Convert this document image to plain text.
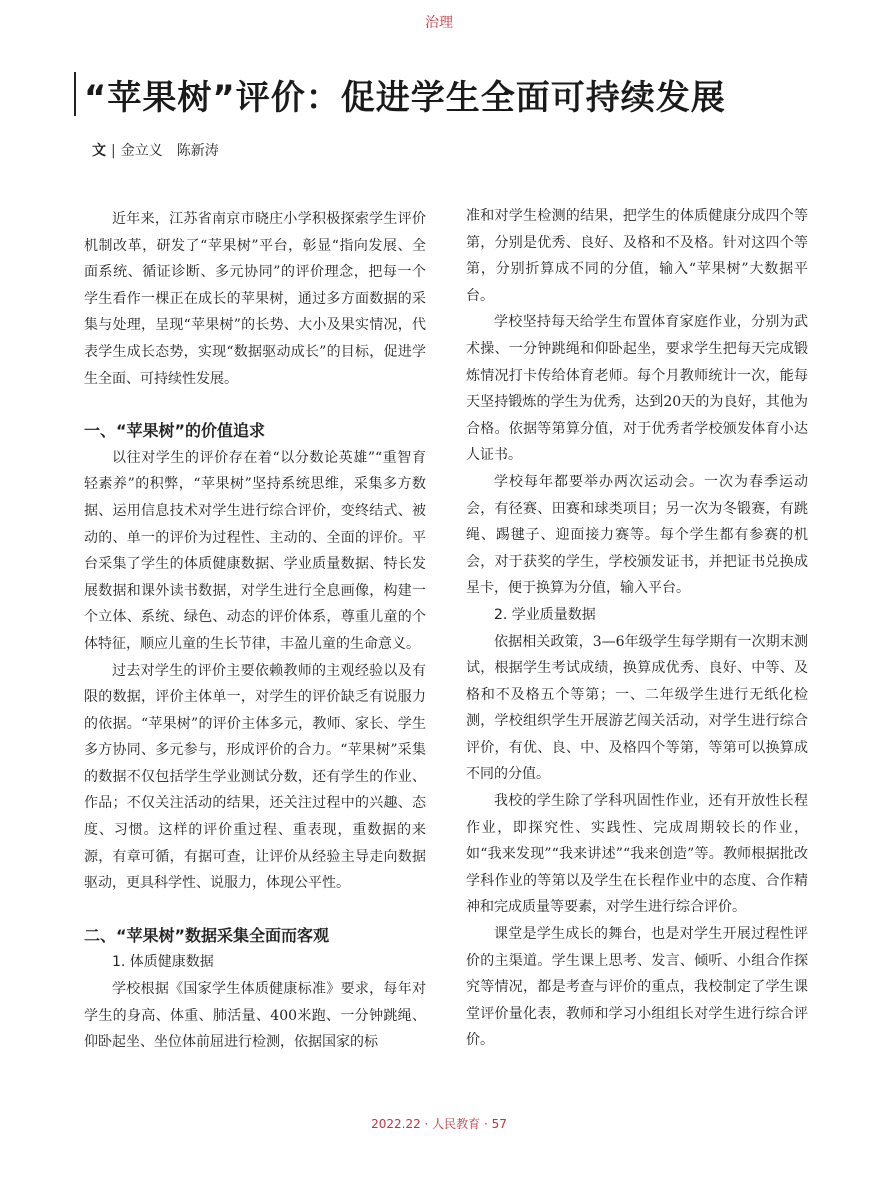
治理
“苹果树”评价：促进学生全面可持续发展
文 | 金立义　陈新涛

近年来，江苏省南京市晓庄小学积极探索学生评价机制改革，研发了“苹果树”平台，彰显“指向发展、全面系统、循证诊断、多元协同”的评价理念，把每一个学生看作一棵正在成长的苹果树，通过多方面数据的采集与处理，呈现“苹果树”的长势、大小及果实情况，代表学生成长态势，实现“数据驱动成长”的目标，促进学生全面、可持续性发展。

一、“苹果树”的价值追求

以往对学生的评价存在着“以分数论英雄”“重智育轻素养”的积弊，“苹果树”坚持系统思维，采集多方数据、运用信息技术对学生进行综合评价，变终结式、被动的、单一的评价为过程性、主动的、全面的评价。平台采集了学生的体质健康数据、学业质量数据、特长发展数据和课外读书数据，对学生进行全息画像，构建一个立体、系统、绿色、动态的评价体系，尊重儿童的个体特征，顺应儿童的生长节律，丰盈儿童的生命意义。

过去对学生的评价主要依赖教师的主观经验以及有限的数据，评价主体单一，对学生的评价缺乏有说服力的依据。“苹果树”的评价主体多元，教师、家长、学生多方协同、多元参与，形成评价的合力。“苹果树”采集的数据不仅包括学生学业测试分数，还有学生的作业、作品；不仅关注活动的结果，还关注过程中的兴趣、态度、习惯。这样的评价重过程、重表现，重数据的来源，有章可循，有据可查，让评价从经验主导走向数据驱动，更具科学性、说服力，体现公平性。

二、“苹果树”数据采集全面而客观
1. 体质健康数据

学校根据《国家学生体质健康标准》要求，每年对学生的身高、体重、肺活量、400米跑、一分钟跳绳、仰卧起坐、坐位体前屈进行检测，依据国家的标

准和对学生检测的结果，把学生的体质健康分成四个等第，分别是优秀、良好、及格和不及格。针对这四个等第，分别折算成不同的分值，输入“苹果树”大数据平台。

学校坚持每天给学生布置体育家庭作业，分别为武术操、一分钟跳绳和仰卧起坐，要求学生把每天完成锻炼情况打卡传给体育老师。每个月教师统计一次，能每天坚持锻炼的学生为优秀，达到20天的为良好，其他为合格。依据等第算分值，对于优秀者学校颁发体育小达人证书。

学校每年都要举办两次运动会。一次为春季运动会，有径赛、田赛和球类项目；另一次为冬锻赛，有跳绳、踢毽子、迎面接力赛等。每个学生都有参赛的机会，对于获奖的学生，学校颁发证书，并把证书兑换成星卡，便于换算为分值，输入平台。

2. 学业质量数据

依据相关政策，3—6年级学生每学期有一次期末测试，根据学生考试成绩，换算成优秀、良好、中等、及格和不及格五个等第；一、二年级学生进行无纸化检测，学校组织学生开展游艺闯关活动，对学生进行综合评价，有优、良、中、及格四个等第，等第可以换算成不同的分值。

我校的学生除了学科巩固性作业，还有开放性长程作业，即探究性、实践性、完成周期较长的作业，如“我来发现”“我来讲述”“我来创造”等。教师根据批改学科作业的等第以及学生在长程作业中的态度、合作精神和完成质量等要素，对学生进行综合评价。

课堂是学生成长的舞台，也是对学生开展过程性评价的主渠道。学生课上思考、发言、倾听、小组合作探究等情况，都是考查与评价的重点，我校制定了学生课堂评价量化表，教师和学习小组组长对学生进行综合评价。

2022.22 · 人民教育 · 57
